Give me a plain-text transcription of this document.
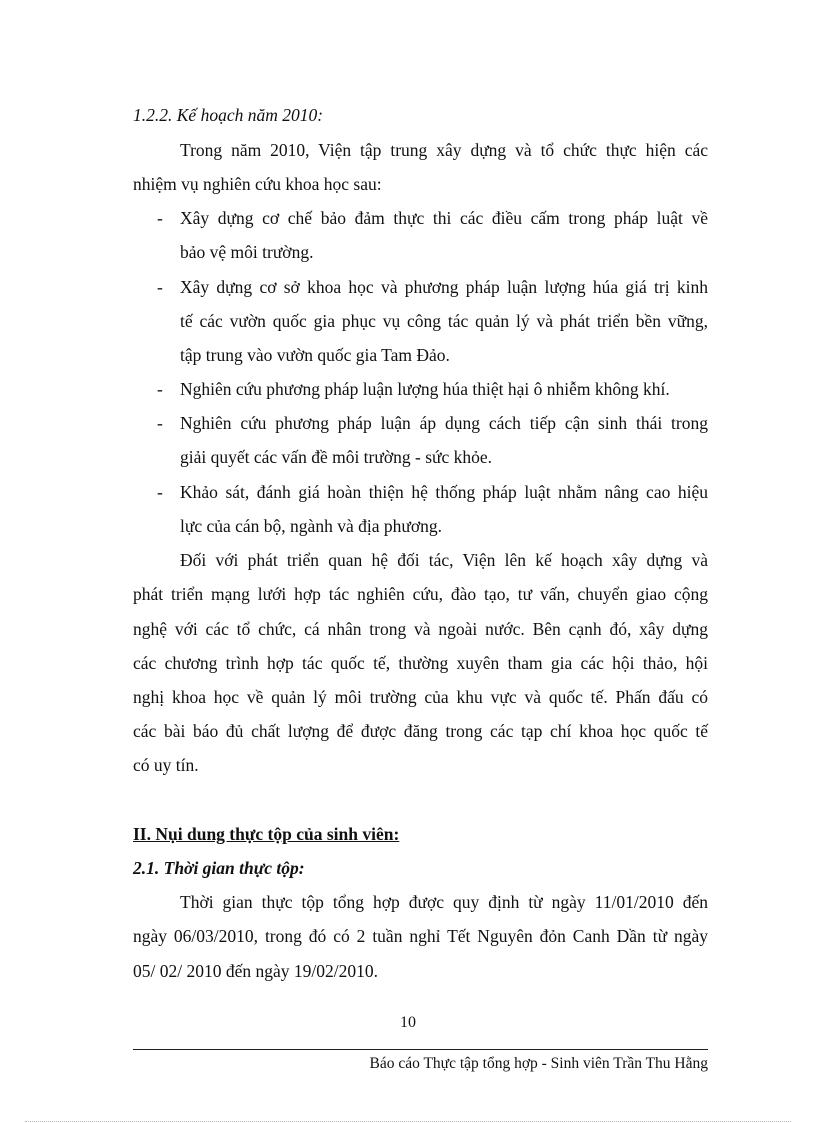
1.2.2. Kế hoạch năm 2010:
Trong năm 2010, Viện tập trung xây dựng và tổ chức thực hiện các
nhiệm vụ nghiên cứu khoa học sau:
- Xây dựng cơ chế bảo đảm thực thi các điều cấm trong pháp luật về
bảo vệ môi trường.
- Xây dựng cơ sở khoa học và phương pháp luận lượng húa giá trị kinh
tế các vườn quốc gia phục vụ công tác quản lý và phát triển bền vững,
tập trung vào vườn quốc gia Tam Đảo.
- Nghiên cứu phương pháp luận lượng húa thiệt hại ô nhiễm không khí.
- Nghiên cứu phương pháp luận áp dụng cách tiếp cận sinh thái trong
giải quyết các vấn đề môi trường - sức khỏe.
- Khảo sát, đánh giá hoàn thiện hệ thống pháp luật nhằm nâng cao hiệu
lực của cán bộ, ngành và địa phương.
Đối với phát triển quan hệ đối tác, Viện lên kế hoạch xây dựng và
phát triển mạng lưới hợp tác nghiên cứu, đào tạo, tư vấn, chuyển giao cộng
nghệ với các tổ chức, cá nhân trong và ngoài nước. Bên cạnh đó, xây dựng
các chương trình hợp tác quốc tế, thường xuyên tham gia các hội thảo, hội
nghị khoa học về quản lý môi trường của khu vực và quốc tế. Phấn đấu có
các bài báo đủ chất lượng để được đăng trong các tạp chí khoa học quốc tế
có uy tín.
II. Nụi dung thực tộp của sinh viên:
2.1. Thời gian thực tộp:
Thời gian thực tộp tổng hợp được quy định từ ngày 11/01/2010 đến
ngày 06/03/2010, trong đó có 2 tuần nghỉ Tết Nguyên đỏn Canh Dần từ ngày
05/ 02/ 2010 đến ngày 19/02/2010.
10
Báo cáo Thực tập tổng hợp - Sinh viên Trần Thu Hằng
